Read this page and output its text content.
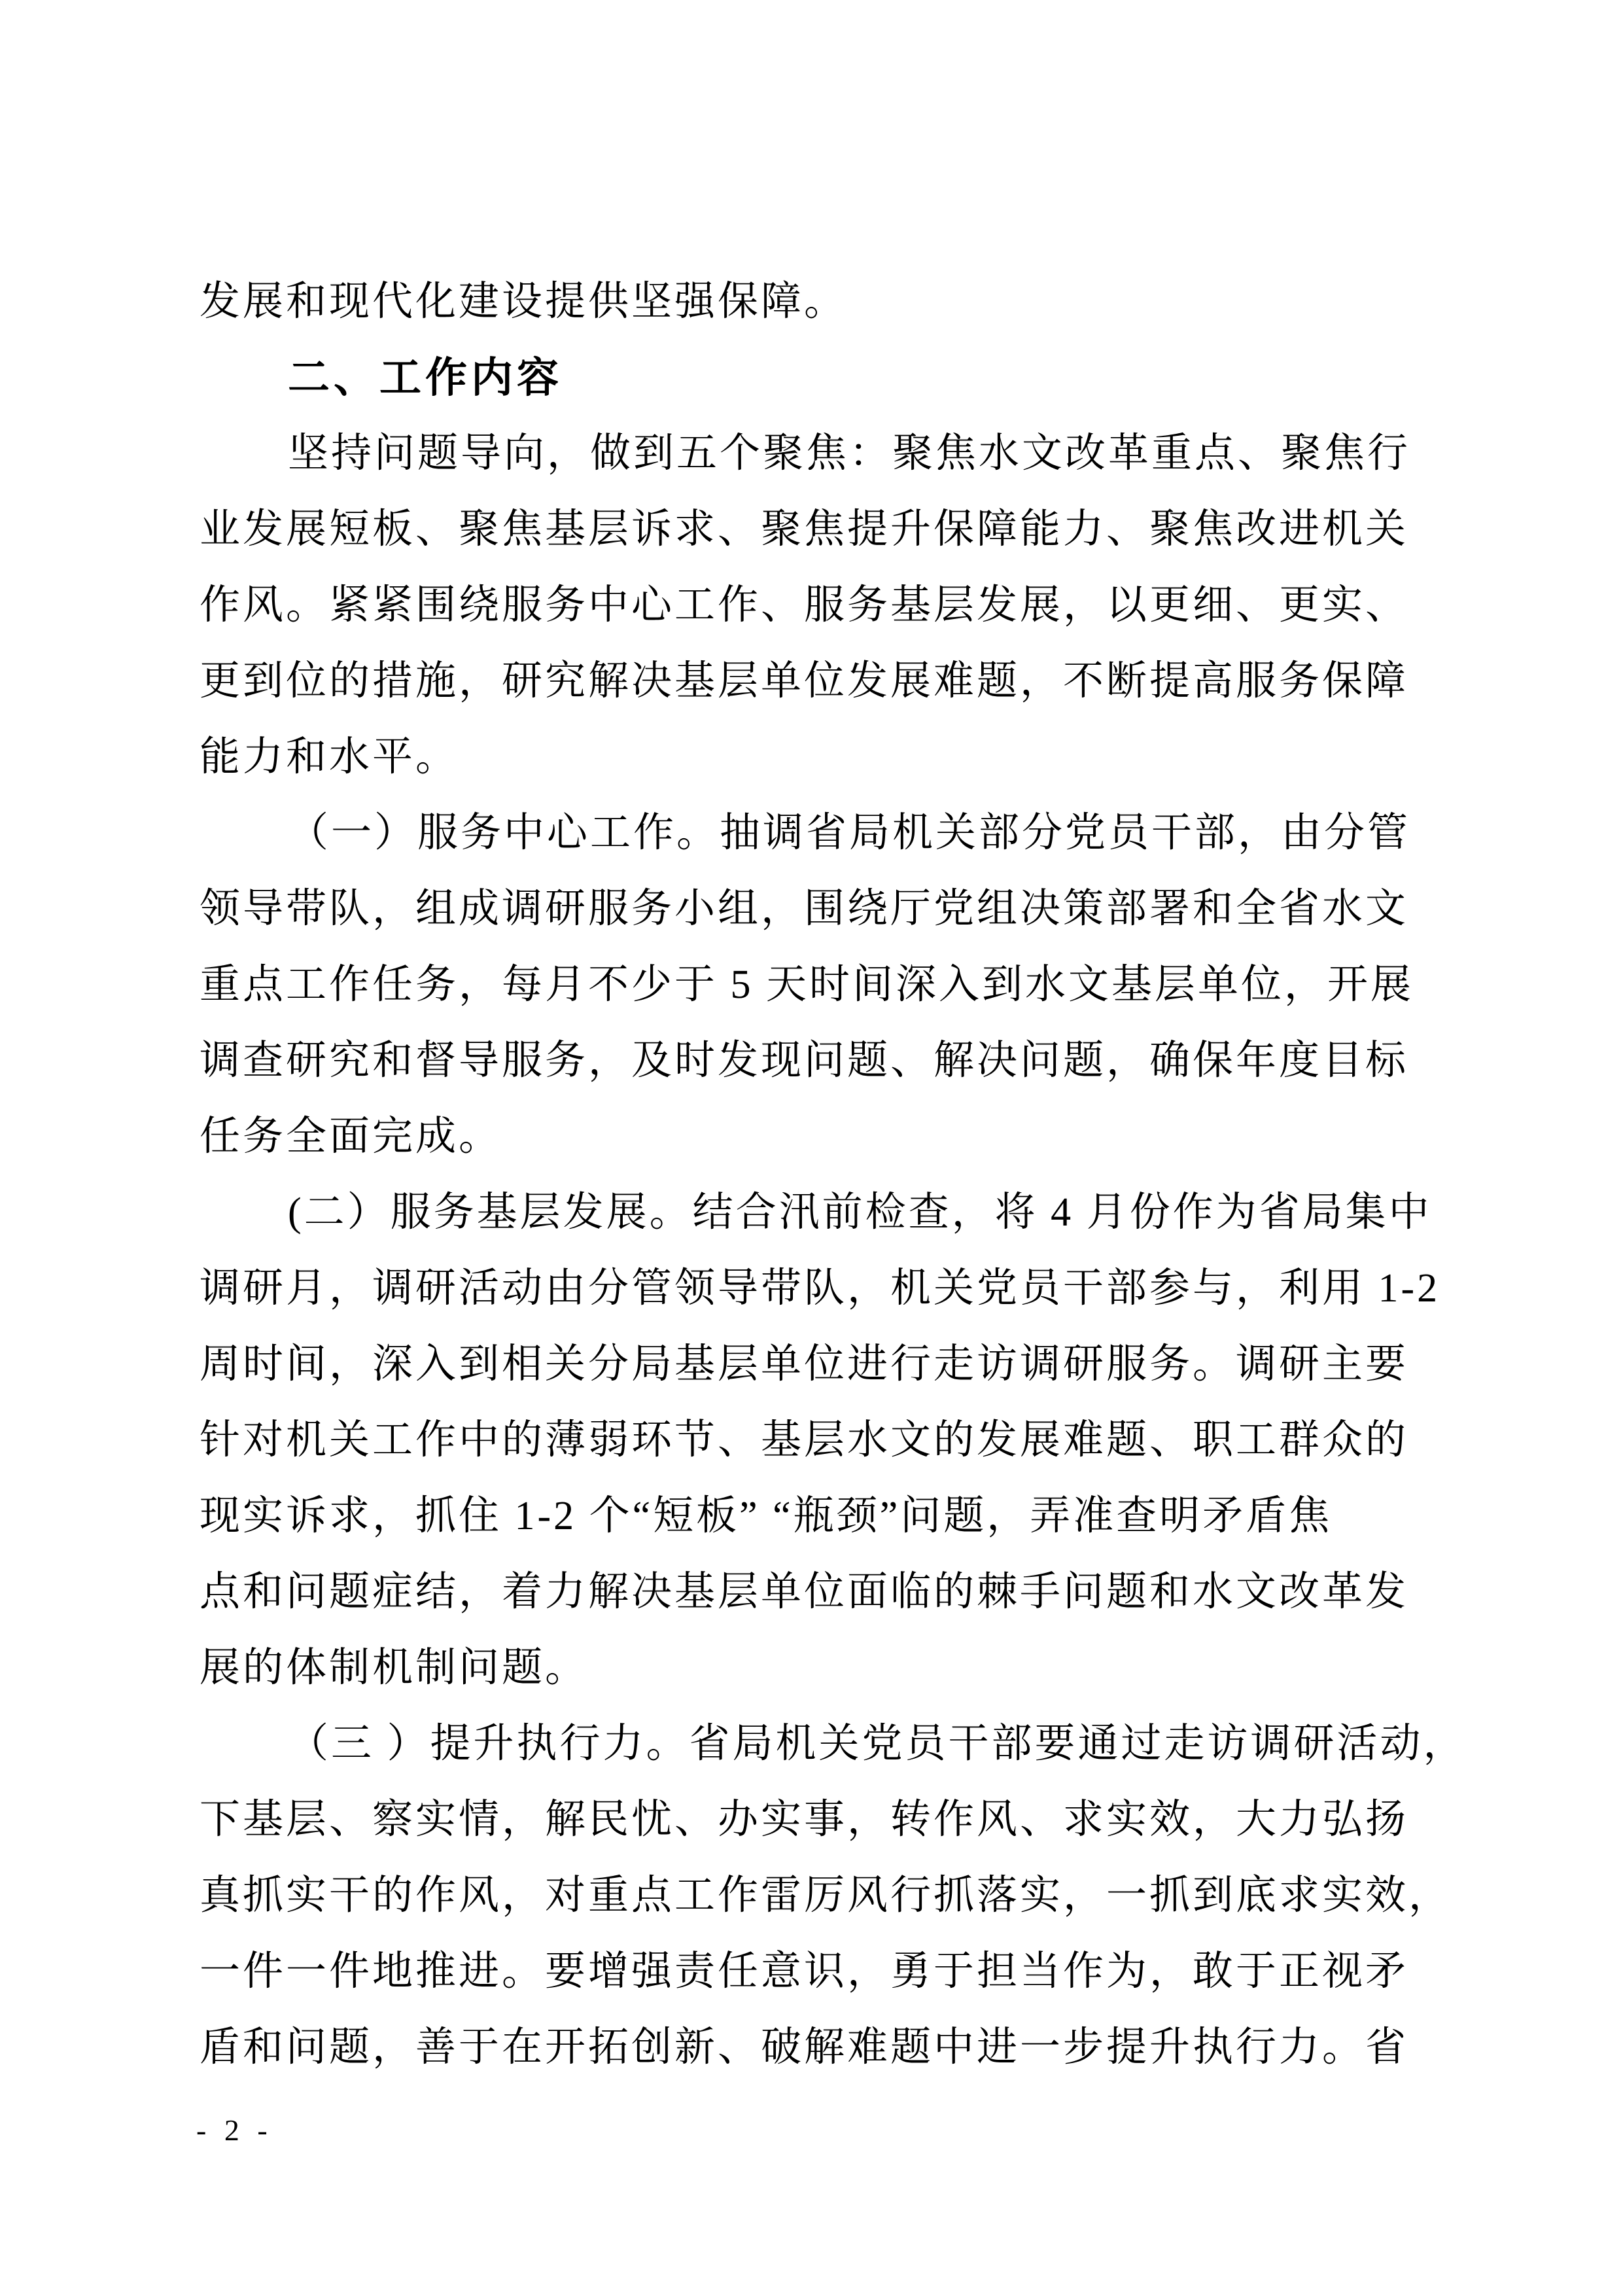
发展和现代化建设提供坚强保障。
二、工作内容
坚持问题导向，做到五个聚焦：聚焦水文改革重点、聚焦行
业发展短板、聚焦基层诉求、聚焦提升保障能力、聚焦改进机关
作风。紧紧围绕服务中心工作、服务基层发展，以更细、更实、
更到位的措施，研究解决基层单位发展难题，不断提高服务保障
能力和水平。
（一）服务中心工作。抽调省局机关部分党员干部，由分管
领导带队，组成调研服务小组，围绕厅党组决策部署和全省水文
重点工作任务，每月不少于 5 天时间深入到水文基层单位，开展
调查研究和督导服务，及时发现问题、解决问题，确保年度目标
任务全面完成。
(二）服务基层发展。结合汛前检查，将 4 月份作为省局集中
调研月，调研活动由分管领导带队，机关党员干部参与，利用 1-2
周时间，深入到相关分局基层单位进行走访调研服务。调研主要
针对机关工作中的薄弱环节、基层水文的发展难题、职工群众的
现实诉求，抓住 1-2 个“短板” “瓶颈”问题，弄准查明矛盾焦
点和问题症结，着力解决基层单位面临的棘手问题和水文改革发
展的体制机制问题。
（三 ）提升执行力。省局机关党员干部要通过走访调研活动，
下基层、察实情，解民忧、办实事，转作风、求实效，大力弘扬
真抓实干的作风，对重点工作雷厉风行抓落实，一抓到底求实效，
一件一件地推进。要增强责任意识，勇于担当作为，敢于正视矛
盾和问题，善于在开拓创新、破解难题中进一步提升执行力。省
- 2 -
